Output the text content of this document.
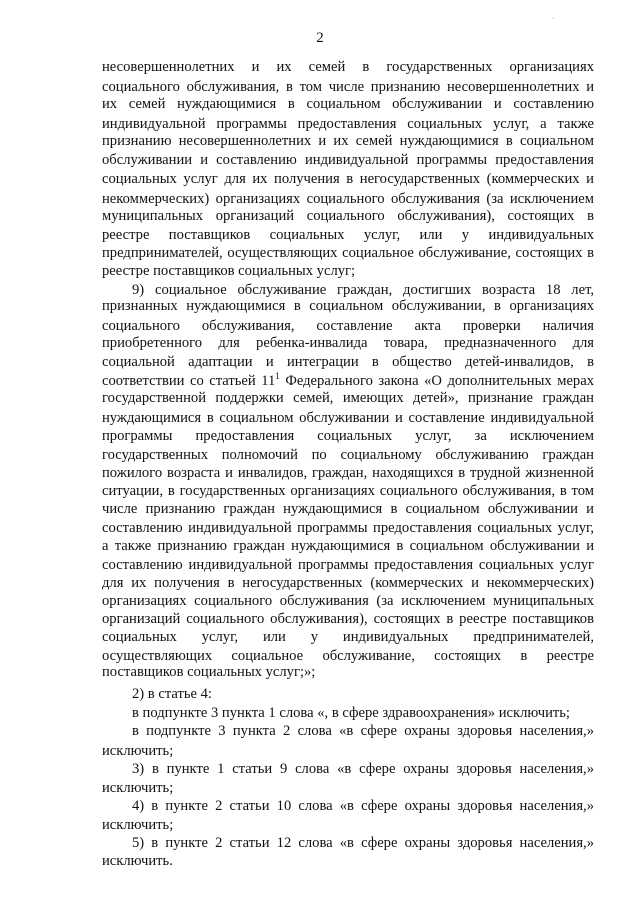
·
2
несовершеннолетних и их семей в государственных организациях
социального обслуживания, в том числе признанию несовершеннолетних и
их семей нуждающимися в социальном обслуживании и составлению
индивидуальной программы предоставления социальных услуг, а также
признанию несовершеннолетних и их семей нуждающимися в социальном
обслуживании и составлению индивидуальной программы предоставления
социальных услуг для их получения в негосударственных (коммерческих и
некоммерческих) организациях социального обслуживания (за исключением
муниципальных организаций социального обслуживания), состоящих в
реестре поставщиков социальных услуг, или у индивидуальных
предпринимателей, осуществляющих социальное обслуживание, состоящих в
реестре поставщиков социальных услуг;
9) социальное обслуживание граждан, достигших возраста 18 лет,
признанных нуждающимися в социальном обслуживании, в организациях
социального обслуживания, составление акта проверки наличия
приобретенного для ребенка-инвалида товара, предназначенного для
социальной адаптации и интеграции в общество детей-инвалидов, в
соответствии со статьей $11^1$ Федерального закона «О дополнительных мерах
государственной поддержки семей, имеющих детей», признание граждан
нуждающимися в социальном обслуживании и составление индивидуальной
программы предоставления социальных услуг, за исключением
государственных полномочий по социальному обслуживанию граждан
пожилого возраста и инвалидов, граждан, находящихся в трудной жизненной
ситуации, в государственных организациях социального обслуживания, в том
числе признанию граждан нуждающимися в социальном обслуживании и
составлению индивидуальной программы предоставления социальных услуг,
а также признанию граждан нуждающимися в социальном обслуживании и
составлению индивидуальной программы предоставления социальных услуг
для их получения в негосударственных (коммерческих и некоммерческих)
организациях социального обслуживания (за исключением муниципальных
организаций социального обслуживания), состоящих в реестре поставщиков
социальных услуг, или у индивидуальных предпринимателей,
осуществляющих социальное обслуживание, состоящих в реестре
поставщиков социальных услуг;»;
2) в статье 4:
в подпункте 3 пункта 1 слова «, в сфере здравоохранения» исключить;
в подпункте 3 пункта 2 слова «в сфере охраны здоровья населения,»
исключить;
3) в пункте 1 статьи 9 слова «в сфере охраны здоровья населения,»
исключить;
4) в пункте 2 статьи 10 слова «в сфере охраны здоровья населения,»
исключить;
5) в пункте 2 статьи 12 слова «в сфере охраны здоровья населения,»
исключить.
